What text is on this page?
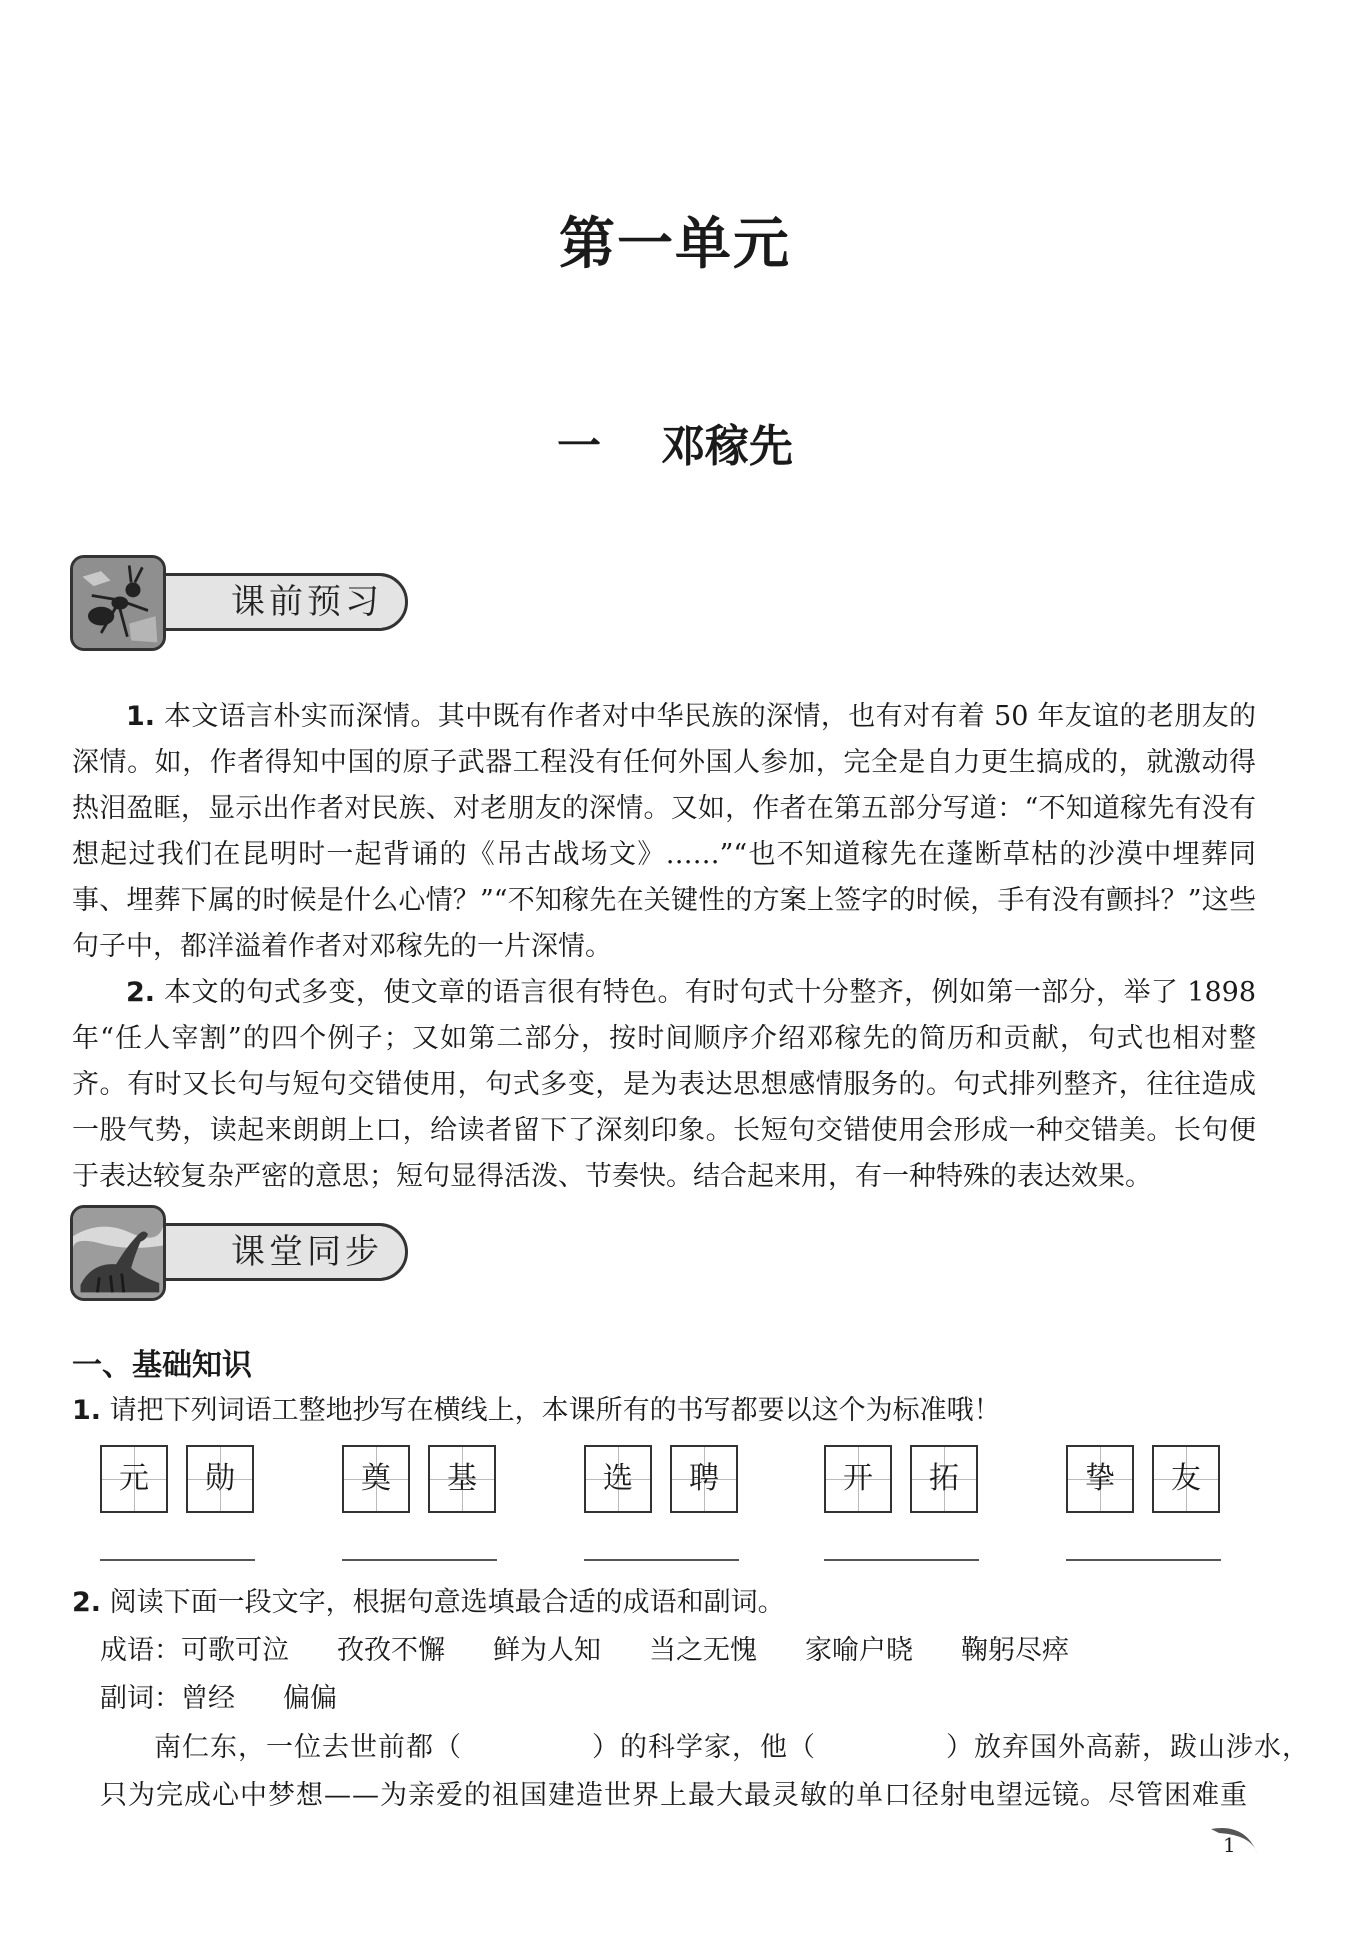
第一单元
一 邓稼先
课前预习

1. 本文语言朴实而深情。其中既有作者对中华民族的深情，也有对有着 50 年友谊的老朋友的深情。如，作者得知中国的原子武器工程没有任何外国人参加，完全是自力更生搞成的，就激动得热泪盈眶，显示出作者对民族、对老朋友的深情。又如，作者在第五部分写道：“不知道稼先有没有想起过我们在昆明时一起背诵的《吊古战场文》……”“也不知道稼先在蓬断草枯的沙漠中埋葬同事、埋葬下属的时候是什么心情？”“不知稼先在关键性的方案上签字的时候，手有没有颤抖？”这些句子中，都洋溢着作者对邓稼先的一片深情。

2. 本文的句式多变，使文章的语言很有特色。有时句式十分整齐，例如第一部分，举了 1898 年“任人宰割”的四个例子；又如第二部分，按时间顺序介绍邓稼先的简历和贡献，句式也相对整齐。有时又长句与短句交错使用，句式多变，是为表达思想感情服务的。句式排列整齐，往往造成一股气势，读起来朗朗上口，给读者留下了深刻印象。长短句交错使用会形成一种交错美。长句便于表达较复杂严密的意思；短句显得活泼、节奏快。结合起来用，有一种特殊的表达效果。

课堂同步
一、基础知识
1. 请把下列词语工整地抄写在横线上，本课所有的书写都要以这个为标准哦！
元	勋	奠	基	选	聘	开	拓	挚	友
2. 阅读下面一段文字，根据句意选填最合适的成语和副词。
成语：可歌可泣 孜孜不懈 鲜为人知 当之无愧 家喻户晓 鞠躬尽瘁
副词：曾经 偏偏
南仁东，一位去世前都（	）的科学家，他（	）放弃国外高薪，跋山涉水，
只为完成心中梦想——为亲爱的祖国建造世界上最大最灵敏的单口径射电望远镜。尽管困难重
1
